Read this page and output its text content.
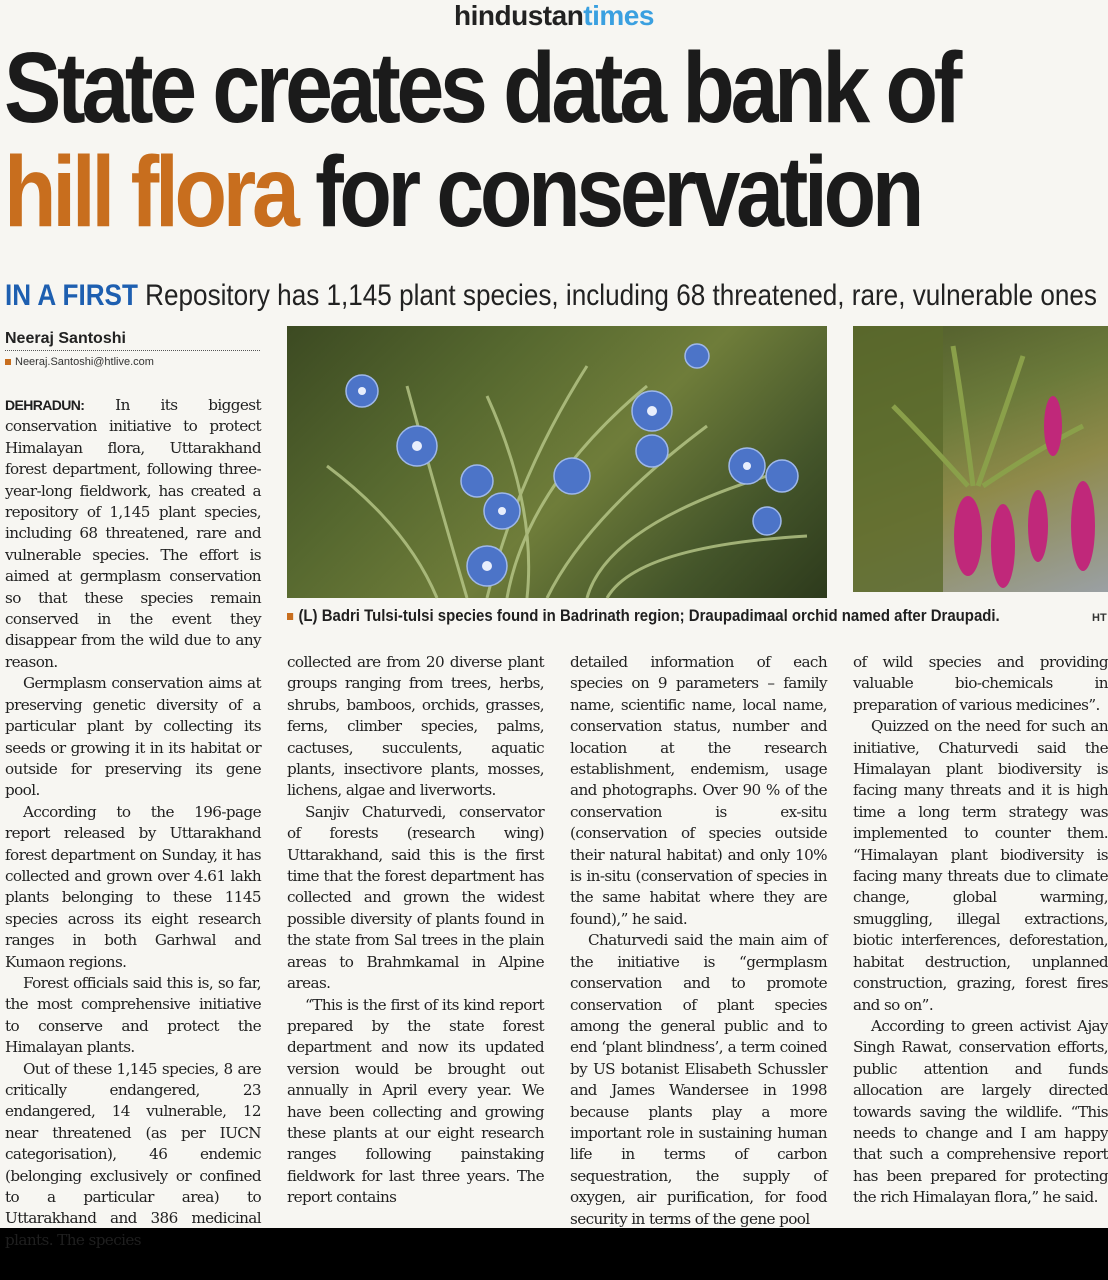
hindustantimes
State creates data bank of
hill flora for conservation
IN A FIRST Repository has 1,145 plant species, including 68 threatened, rare, vulnerable ones
Neeraj Santoshi
Neeraj.Santoshi@htlive.com
(L) Badri Tulsi-tulsi species found in Badrinath region; Draupadimaal orchid named after Draupadi.	HT

DEHRADUN: In its biggest conservation initiative to protect Himalayan flora, Uttarakhand forest department, following three-year-long fieldwork, has created a repository of 1,145 plant species, including 68 threatened, rare and vulnerable species. The effort is aimed at germplasm conservation so that these species remain conserved in the event they disappear from the wild due to any reason.

Germplasm conservation aims at preserving genetic diversity of a particular plant by collecting its seeds or growing it in its habitat or outside for preserving its gene pool.

According to the 196-page report released by Uttarakhand forest department on Sunday, it has collected and grown over 4.61 lakh plants belonging to these 1145 species across its eight research ranges in both Garhwal and Kumaon regions.

Forest officials said this is, so far, the most comprehensive initiative to conserve and protect the Himalayan plants.

Out of these 1,145 species, 8 are critically endangered, 23 endangered, 14 vulnerable, 12 near threatened (as per IUCN categorisation), 46 endemic (belonging exclusively or confined to a particular area) to Uttarakhand and 386 medicinal plants. The species

collected are from 20 diverse plant groups ranging from trees, herbs, shrubs, bamboos, orchids, grasses, ferns, climber species, palms, cactuses, succulents, aquatic plants, insectivore plants, mosses, lichens, algae and liverworts.

Sanjiv Chaturvedi, conservator of forests (research wing) Uttarakhand, said this is the first time that the forest department has collected and grown the widest possible diversity of plants found in the state from Sal trees in the plain areas to Brahmkamal in Alpine areas.

“This is the first of its kind report prepared by the state forest department and now its updated version would be brought out annually in April every year. We have been collecting and growing these plants at our eight research ranges following painstaking fieldwork for last three years. The report contains

detailed information of each species on 9 parameters – family name, scientific name, local name, conservation status, number and location at the research establishment, endemism, usage and photographs. Over 90 % of the conservation is ex-situ (conservation of species outside their natural habitat) and only 10% is in-situ (conservation of species in the same habitat where they are found),” he said.

Chaturvedi said the main aim of the initiative is “germplasm conservation and to promote conservation of plant species among the general public and to end ‘plant blindness’, a term coined by US botanist Elisabeth Schussler and James Wandersee in 1998 because plants play a more important role in sustaining human life in terms of carbon sequestration, the supply of oxygen, air purification, for food security in terms of the gene pool

of wild species and providing valuable bio-chemicals in preparation of various medicines”.

Quizzed on the need for such an initiative, Chaturvedi said the Himalayan plant biodiversity is facing many threats and it is high time a long term strategy was implemented to counter them. “Himalayan plant biodiversity is facing many threats due to climate change, global warming, smuggling, illegal extractions, biotic interferences, deforestation, habitat destruction, unplanned construction, grazing, forest fires and so on”.

According to green activist Ajay Singh Rawat, conservation efforts, public attention and funds allocation are largely directed towards saving the wildlife. “This needs to change and I am happy that such a comprehensive report has been prepared for protecting the rich Himalayan flora,” he said.
